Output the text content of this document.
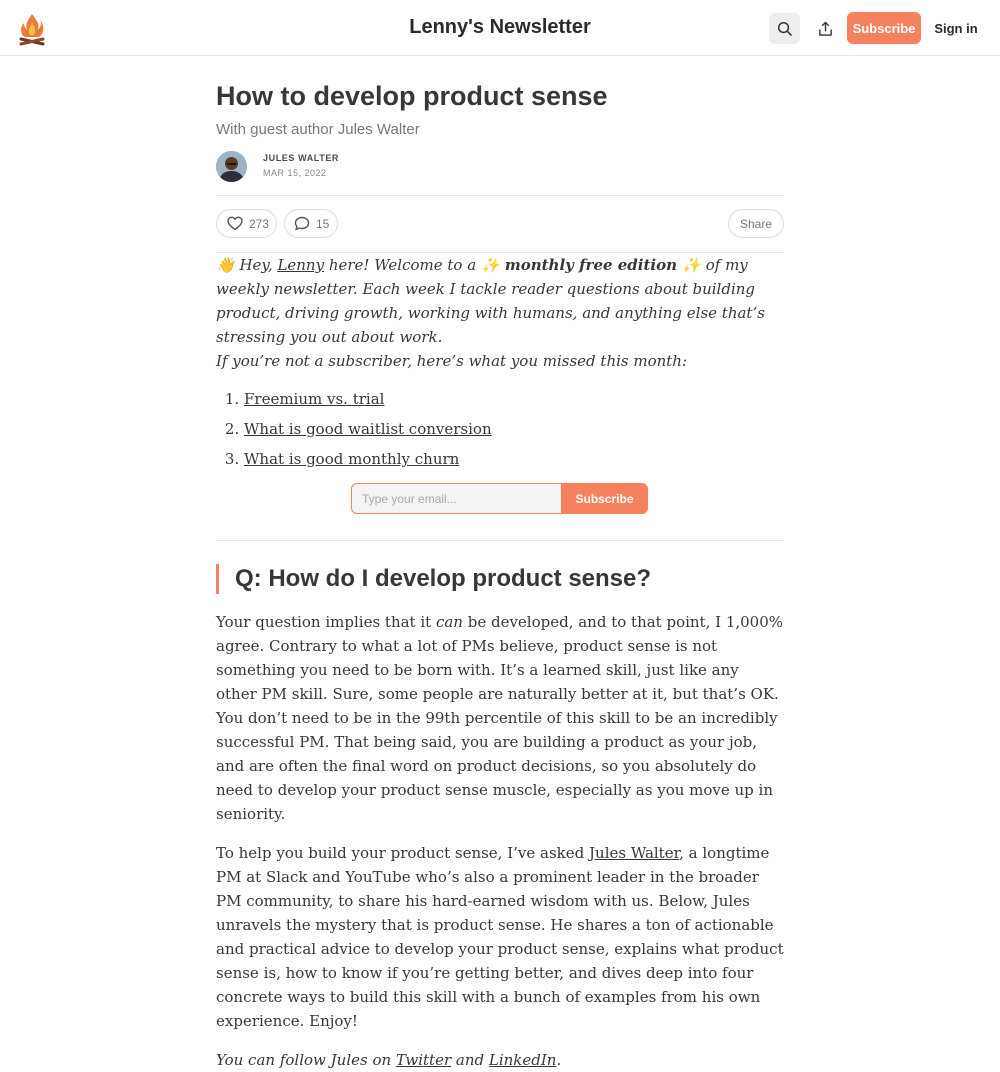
Lenny's Newsletter	Subscribe	Sign in
How to develop product sense
With guest author Jules Walter
JULES WALTER
MAR 15, 2022
273	15	Share

👋 Hey, Lenny here! Welcome to a ✨ monthly free edition ✨ of my weekly newsletter. Each week I tackle reader questions about building product, driving growth, working with humans, and anything else that’s stressing you out about work.

If you’re not a subscriber, here’s what you missed this month:

1. Freemium vs. trial
2. What is good waitlist conversion
3. What is good monthly churn
Type your email...
Subscribe
Q: How do I develop product sense?

Your question implies that it can be developed, and to that point, I 1,000% agree. Contrary to what a lot of PMs believe, product sense is not something you need to be born with. It’s a learned skill, just like any other PM skill. Sure, some people are naturally better at it, but that’s OK. You don’t need to be in the 99th percentile of this skill to be an incredibly successful PM. That being said, you are building a product as your job, and are often the final word on product decisions, so you absolutely do need to develop your product sense muscle, especially as you move up in seniority.

To help you build your product sense, I’ve asked Jules Walter, a longtime PM at Slack and YouTube who’s also a prominent leader in the broader PM community, to share his hard-earned wisdom with us. Below, Jules unravels the mystery that is product sense. He shares a ton of actionable and practical advice to develop your product sense, explains what product sense is, how to know if you’re getting better, and dives deep into four concrete ways to build this skill with a bunch of examples from his own experience. Enjoy!

You can follow Jules on Twitter and LinkedIn.
